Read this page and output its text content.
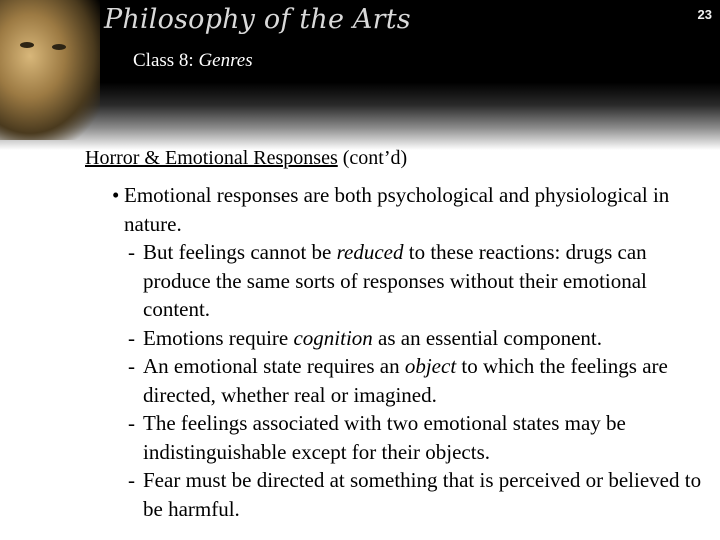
Philosophy of the Arts
Class 8: Genres
23
Horror & Emotional Responses (cont’d)
• Emotional responses are both psychological and physiological in nature.
- But feelings cannot be reduced to these reactions: drugs can produce the same sorts of responses without their emotional content.
- Emotions require cognition as an essential component.
- An emotional state requires an object to which the feelings are directed, whether real or imagined.
- The feelings associated with two emotional states may be indistinguishable except for their objects.
- Fear must be directed at something that is perceived or believed to be harmful.
